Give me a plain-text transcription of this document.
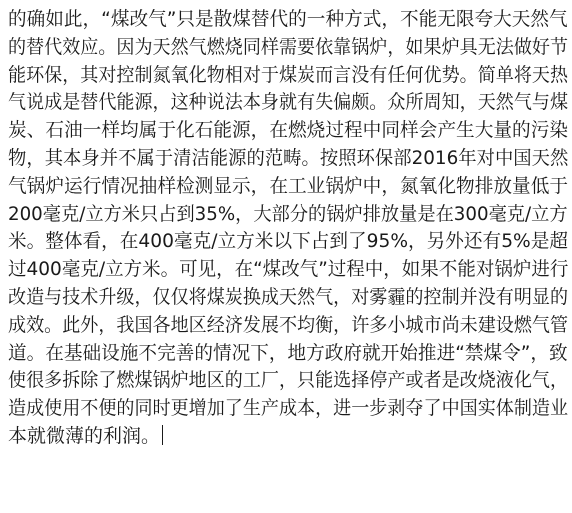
的确如此，“煤改气”只是散煤替代的一种方式，不能无限夸大天然气
的替代效应。因为天然气燃烧同样需要依靠锅炉，如果炉具无法做好节
能环保，其对控制氮氧化物相对于煤炭而言没有任何优势。简单将天热
气说成是替代能源，这种说法本身就有失偏颇。众所周知，天然气与煤
炭、石油一样均属于化石能源，在燃烧过程中同样会产生大量的污染
物，其本身并不属于清洁能源的范畴。按照环保部2016年对中国天然
气锅炉运行情况抽样检测显示，在工业锅炉中，氮氧化物排放量低于
200毫克/立方米只占到35%，大部分的锅炉排放量是在300毫克/立方
米。整体看，在400毫克/立方米以下占到了95%，另外还有5%是超
过400毫克/立方米。可见，在“煤改气”过程中，如果不能对锅炉进行
改造与技术升级，仅仅将煤炭换成天然气，对雾霾的控制并没有明显的
成效。此外，我国各地区经济发展不均衡，许多小城市尚未建设燃气管
道。在基础设施不完善的情况下，地方政府就开始推进“禁煤令”，致
使很多拆除了燃煤锅炉地区的工厂，只能选择停产或者是改烧液化气，
造成使用不便的同时更增加了生产成本，进一步剥夺了中国实体制造业
本就微薄的利润。
